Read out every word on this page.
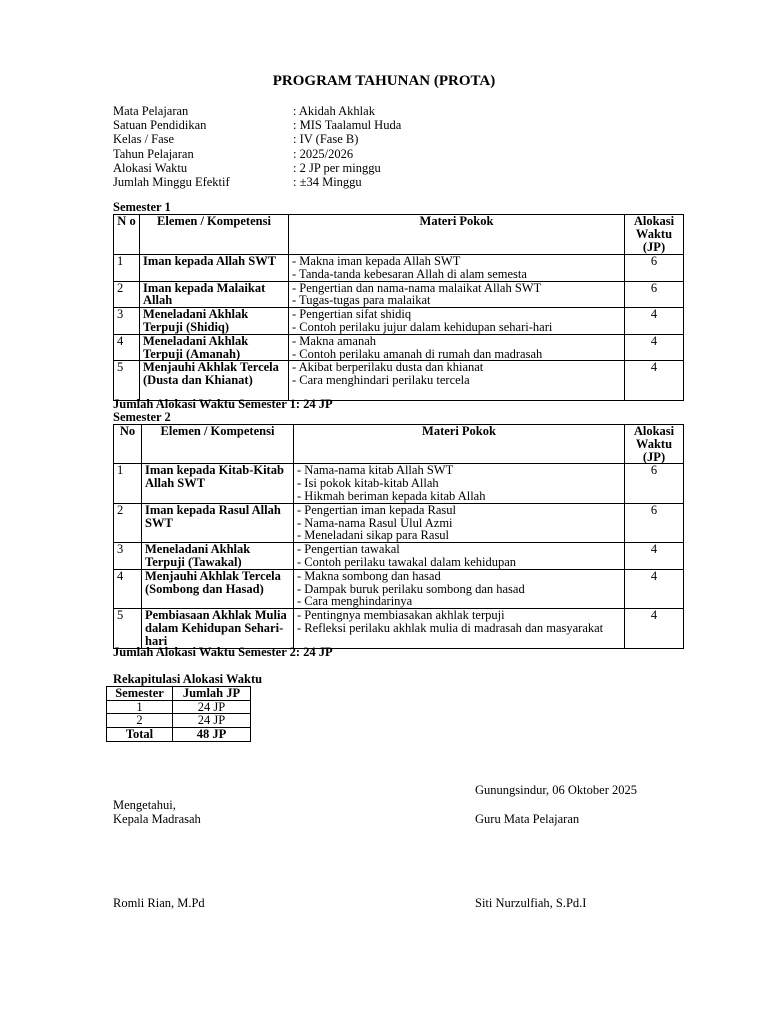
PROGRAM TAHUNAN (PROTA)
Mata Pelajaran	: Akidah Akhlak
Satuan Pendidikan	: MIS Taalamul Huda
Kelas / Fase	: IV (Fase B)
Tahun Pelajaran	: 2025/2026
Alokasi Waktu	: 2 JP per minggu
Jumlah Minggu Efektif	: ±34 Minggu
Semester 1
N o	Elemen / Kompetensi	Materi Pokok	Alokasi Waktu (JP)
1	Iman kepada Allah SWT	- Makna iman kepada Allah SWT
- Tanda-tanda kebesaran Allah di alam semesta	6
2	Iman kepada Malaikat Allah	- Pengertian dan nama-nama malaikat Allah SWT
- Tugas-tugas para malaikat	6
3	Meneladani Akhlak Terpuji (Shidiq)	- Pengertian sifat shidiq
- Contoh perilaku jujur dalam kehidupan sehari-hari	4
4	Meneladani Akhlak Terpuji (Amanah)	- Makna amanah
- Contoh perilaku amanah di rumah dan madrasah	4
5	Menjauhi Akhlak Tercela (Dusta dan Khianat)	- Akibat berperilaku dusta dan khianat
- Cara menghindari perilaku tercela	4
Jumlah Alokasi Waktu Semester 1: 24 JP
Semester 2
No	Elemen / Kompetensi	Materi Pokok	Alokasi Waktu (JP)
1	Iman kepada Kitab-Kitab Allah SWT	- Nama-nama kitab Allah SWT
- Isi pokok kitab-kitab Allah
- Hikmah beriman kepada kitab Allah	6
2	Iman kepada Rasul Allah SWT	- Pengertian iman kepada Rasul
- Nama-nama Rasul Ulul Azmi
- Meneladani sikap para Rasul	6
3	Meneladani Akhlak Terpuji (Tawakal)	- Pengertian tawakal
- Contoh perilaku tawakal dalam kehidupan	4
4	Menjauhi Akhlak Tercela (Sombong dan Hasad)	- Makna sombong dan hasad
- Dampak buruk perilaku sombong dan hasad
- Cara menghindarinya	4
5	Pembiasaan Akhlak Mulia dalam Kehidupan Sehari-hari	- Pentingnya membiasakan akhlak terpuji
- Refleksi perilaku akhlak mulia di madrasah dan masyarakat	4
Jumlah Alokasi Waktu Semester 2: 24 JP
Rekapitulasi Alokasi Waktu
Semester	Jumlah JP
1	24 JP
2	24 JP
Total	48 JP
Gunungsindur, 06 Oktober 2025
Mengetahui,
Kepala Madrasah	Guru Mata Pelajaran
Romli Rian, M.Pd	Siti Nurzulfiah, S.Pd.I
